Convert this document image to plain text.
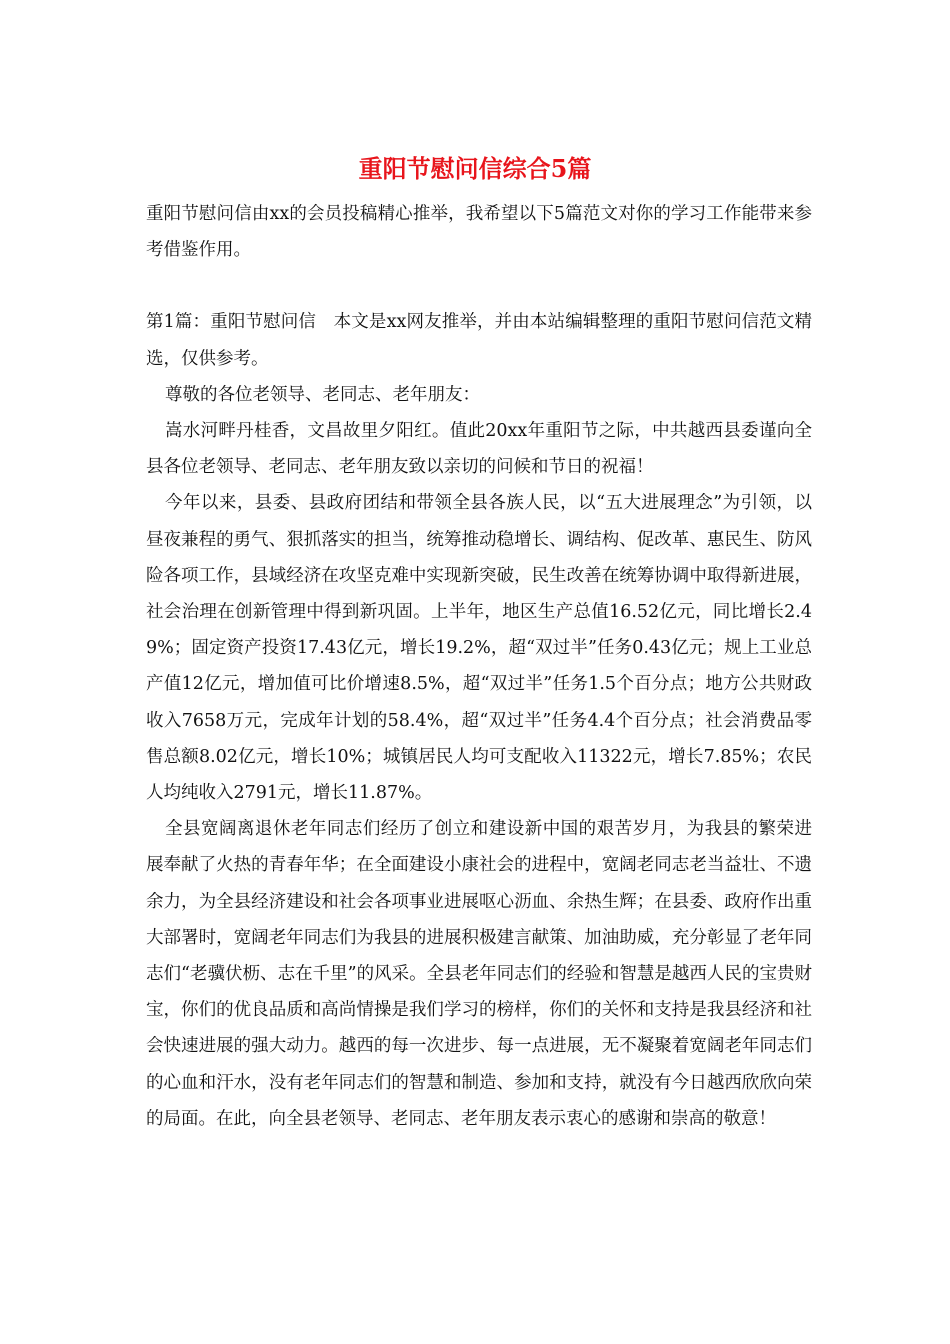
重阳节慰问信综合5篇

重阳节慰问信由xx的会员投稿精心推举，我希望以下5篇范文对你的学习工作能带来参考借鉴作用。

第1篇：重阳节慰问信　本文是xx网友推举，并由本站编辑整理的重阳节慰问信范文精选，仅供参考。

尊敬的各位老领导、老同志、老年朋友：

嵩水河畔丹桂香，文昌故里夕阳红。值此20xx年重阳节之际，中共越西县委谨向全县各位老领导、老同志、老年朋友致以亲切的问候和节日的祝福！

今年以来，县委、县政府团结和带领全县各族人民，以“五大进展理念”为引领，以昼夜兼程的勇气、狠抓落实的担当，统筹推动稳增长、调结构、促改革、惠民生、防风险各项工作，县域经济在攻坚克难中实现新突破，民生改善在统筹协调中取得新进展，社会治理在创新管理中得到新巩固。上半年，地区生产总值16.52亿元，同比增长2.49%；固定资产投资17.43亿元，增长19.2%，超“双过半”任务0.43亿元；规上工业总产值12亿元，增加值可比价增速8.5%，超“双过半”任务1.5个百分点；地方公共财政收入7658万元，完成年计划的58.4%，超“双过半”任务4.4个百分点；社会消费品零售总额8.02亿元，增长10%；城镇居民人均可支配收入11322元，增长7.85%；农民人均纯收入2791元，增长11.87%。

全县宽阔离退休老年同志们经历了创立和建设新中国的艰苦岁月，为我县的繁荣进展奉献了火热的青春年华；在全面建设小康社会的进程中，宽阔老同志老当益壮、不遗余力，为全县经济建设和社会各项事业进展呕心沥血、余热生辉；在县委、政府作出重大部署时，宽阔老年同志们为我县的进展积极建言献策、加油助威，充分彰显了老年同志们“老骥伏枥、志在千里”的风采。全县老年同志们的经验和智慧是越西人民的宝贵财宝，你们的优良品质和高尚情操是我们学习的榜样，你们的关怀和支持是我县经济和社会快速进展的强大动力。越西的每一次进步、每一点进展，无不凝聚着宽阔老年同志们的心血和汗水，没有老年同志们的智慧和制造、参加和支持，就没有今日越西欣欣向荣的局面。在此，向全县老领导、老同志、老年朋友表示衷心的感谢和崇高的敬意！
